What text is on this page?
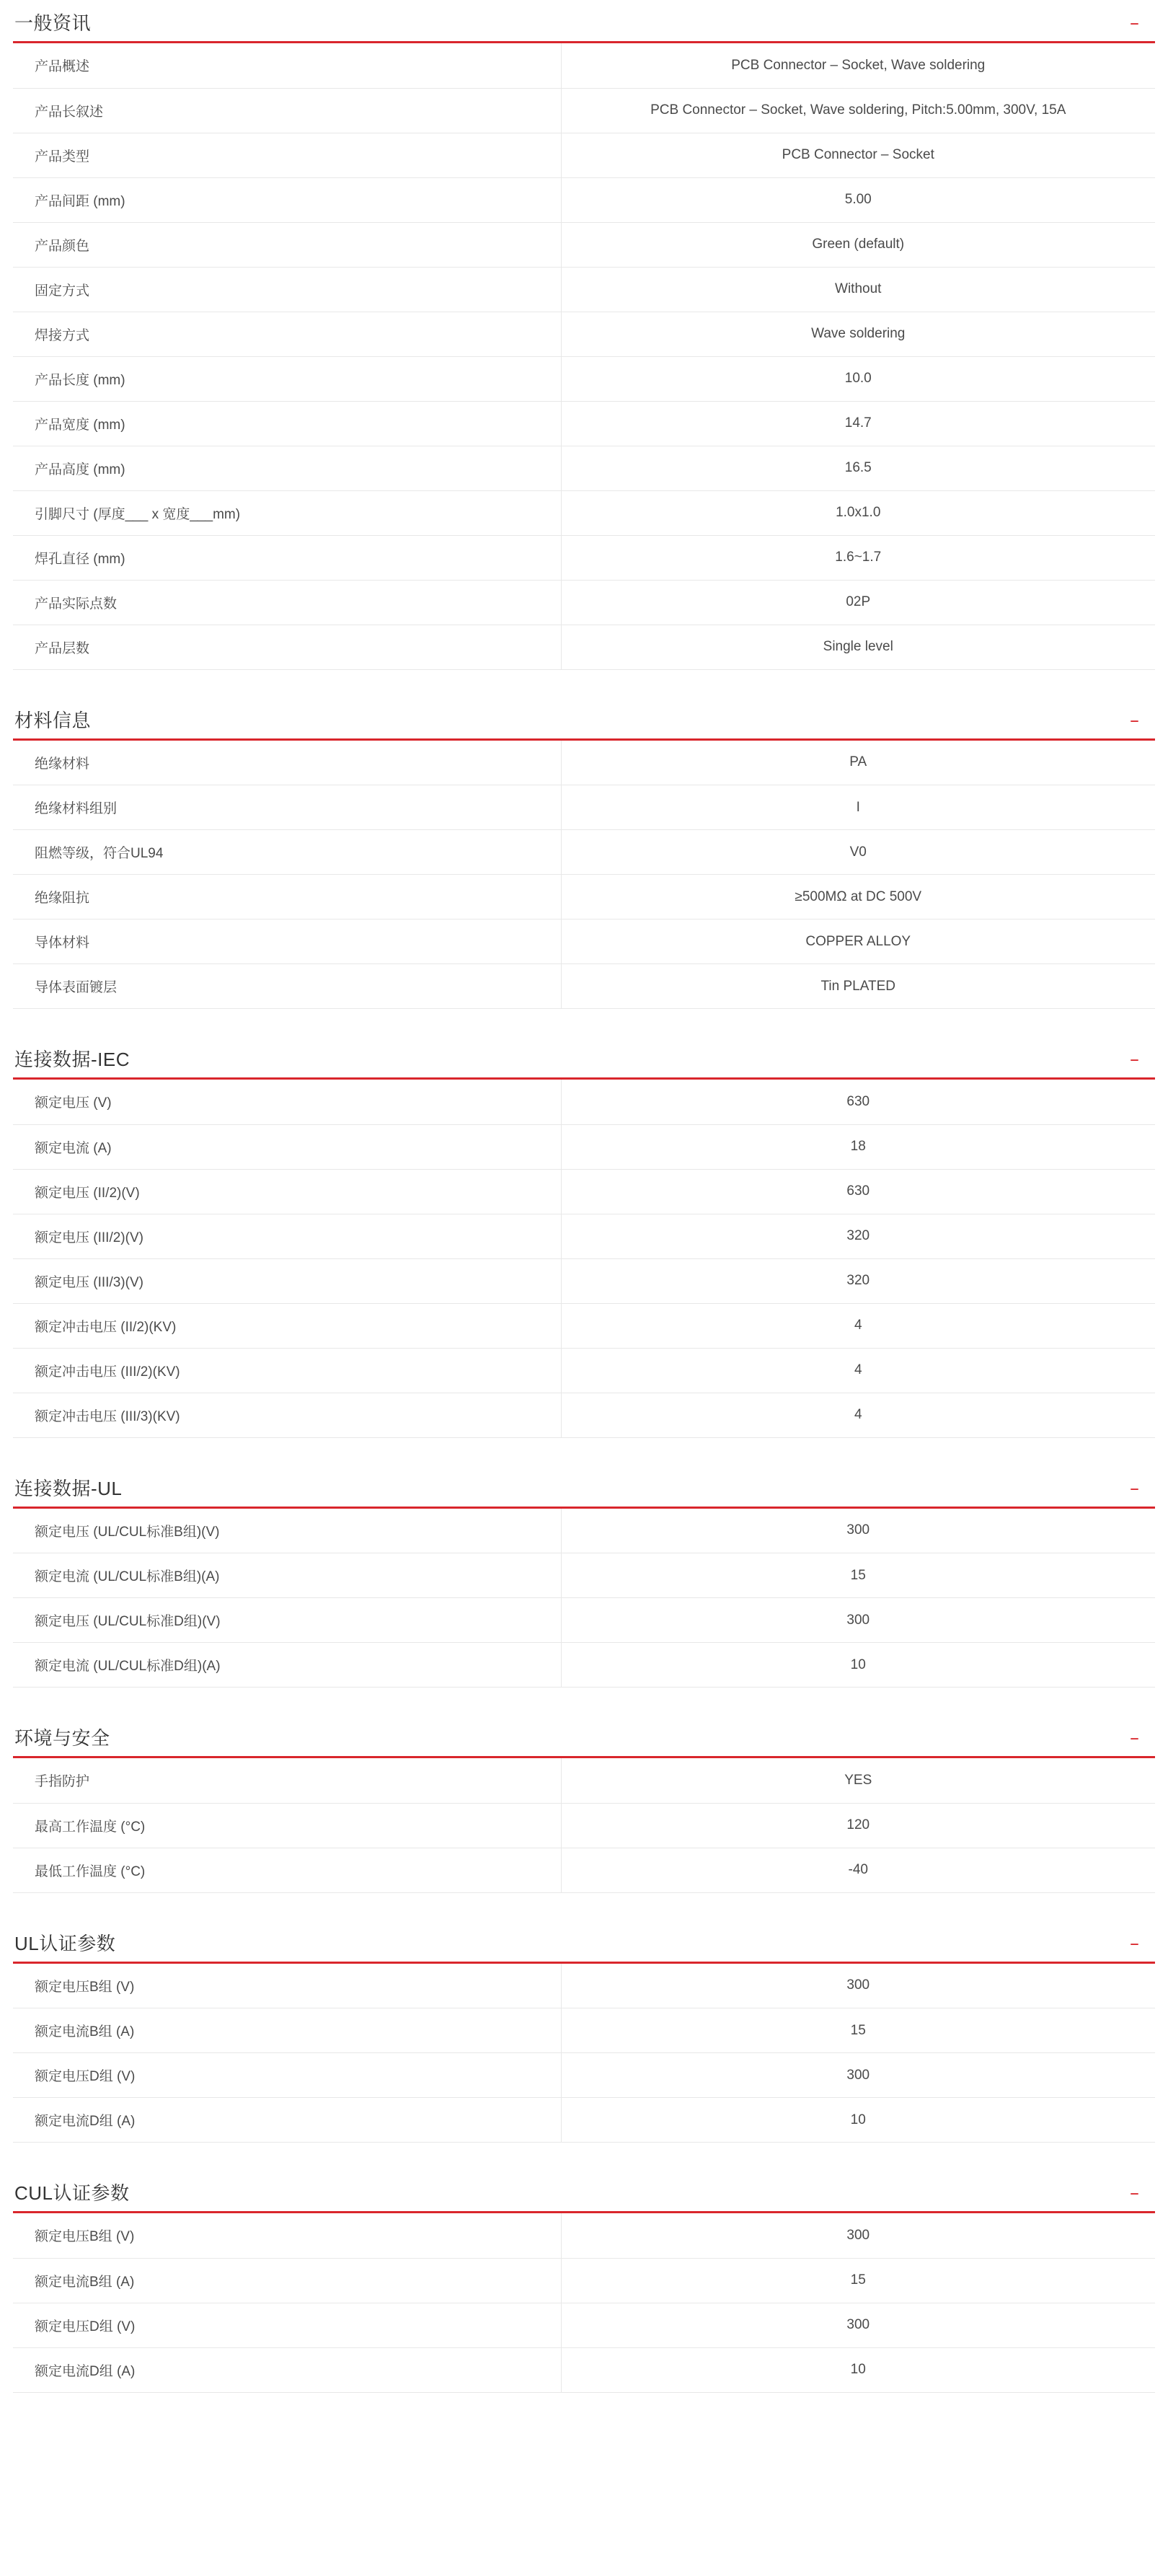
一般资讯	–
产品概述	PCB Connector – Socket, Wave soldering
产品长叙述	PCB Connector – Socket, Wave soldering, Pitch:5.00mm, 300V, 15A
产品类型	PCB Connector – Socket
产品间距 (mm)	5.00
产品颜色	Green (default)
固定方式	Without
焊接方式	Wave soldering
产品长度 (mm)	10.0
产品宽度 (mm)	14.7
产品高度 (mm)	16.5
引脚尺寸 (厚度___ x 宽度___mm)	1.0x1.0
焊孔直径 (mm)	1.6~1.7
产品实际点数	02P
产品层数	Single level
材料信息	–
绝缘材料	PA
绝缘材料组别	I
阻燃等级，符合UL94	V0
绝缘阻抗	≥500MΩ at DC 500V
导体材料	COPPER ALLOY
导体表面镀层	Tin PLATED
连接数据-IEC	–
额定电压 (V)	630
额定电流 (A)	18
额定电压 (II/2)(V)	630
额定电压 (III/2)(V)	320
额定电压 (III/3)(V)	320
额定冲击电压 (II/2)(KV)	4
额定冲击电压 (III/2)(KV)	4
额定冲击电压 (III/3)(KV)	4
连接数据-UL	–
额定电压 (UL/CUL标准B组)(V)	300
额定电流 (UL/CUL标准B组)(A)	15
额定电压 (UL/CUL标准D组)(V)	300
额定电流 (UL/CUL标准D组)(A)	10
环境与安全	–
手指防护	YES
最高工作温度 (°C)	120
最低工作温度 (°C)	-40
UL认证参数	–
额定电压B组 (V)	300
额定电流B组 (A)	15
额定电压D组 (V)	300
额定电流D组 (A)	10
CUL认证参数	–
额定电压B组 (V)	300
额定电流B组 (A)	15
额定电压D组 (V)	300
额定电流D组 (A)	10
